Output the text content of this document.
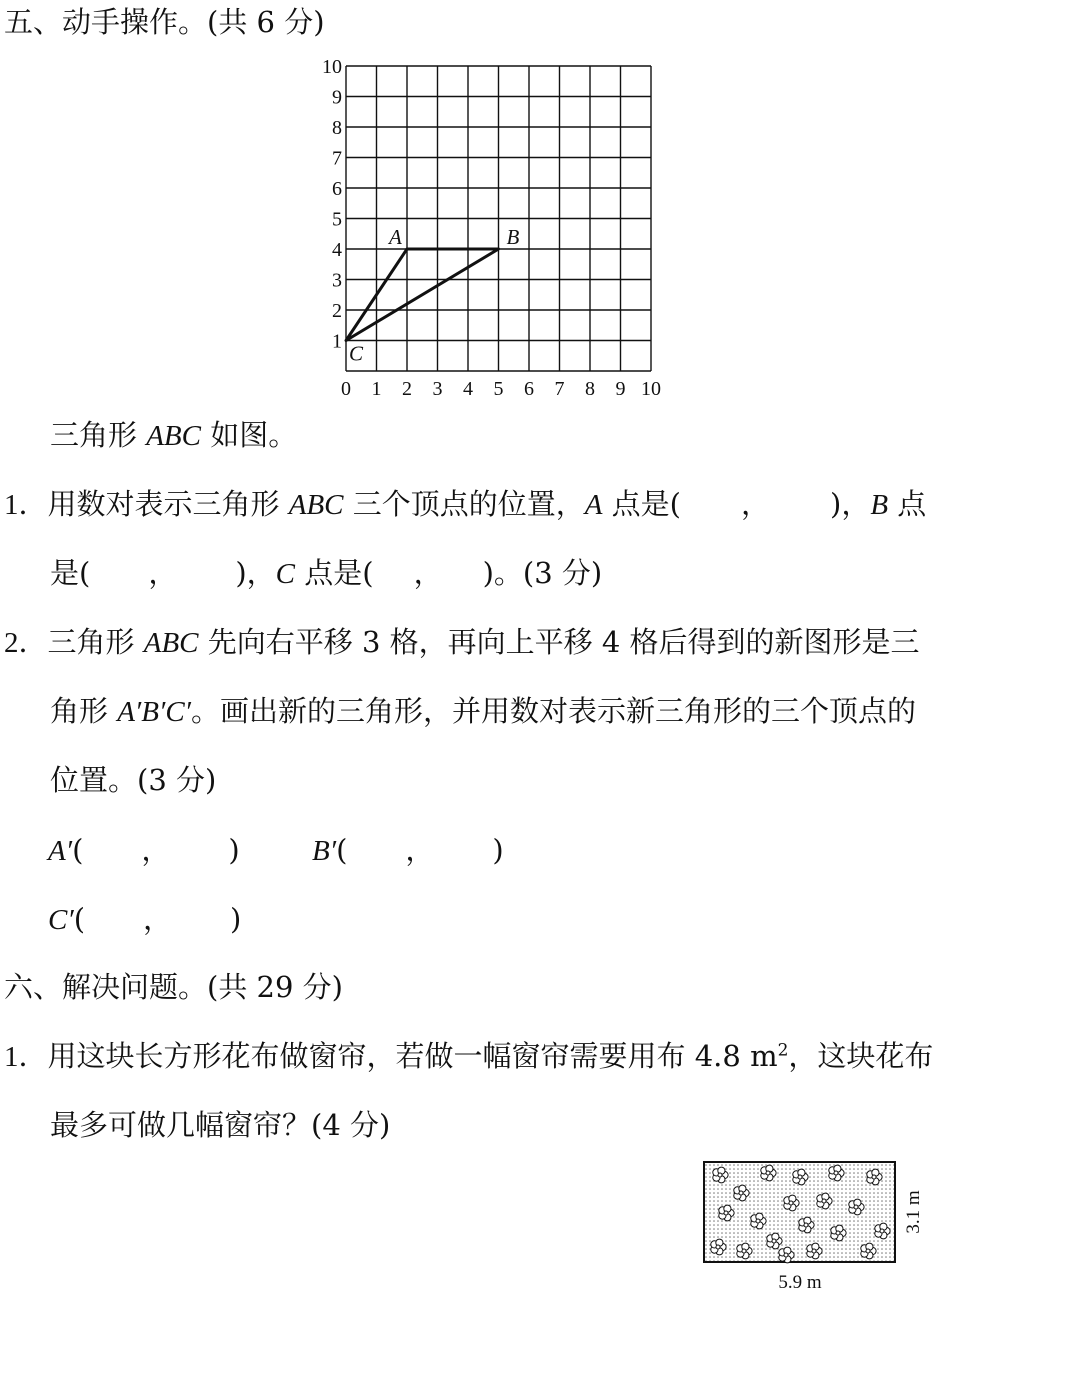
五、动手操作。(共 6 分)
0 1 2 3 4 5 6 7 8 9 10
1
2
3
4
5
6
7
8
9
10
A	B
C
三角形 ABC 如图。
1．用数对表示三角形 ABC 三个顶点的位置，A 点是( ， )，B 点
是( ， )，C 点是( ， )。(3 分)
2．三角形 ABC 先向右平移 3 格，再向上平移 4 格后得到的新图形是三
角形 A′B′C′。画出新的三角形，并用数对表示新三角形的三个顶点的
位置。(3 分)
A′( ， ) B′( ， )
C′( ， )
六、解决问题。(共 29 分)
1．用这块长方形花布做窗帘，若做一幅窗帘需要用布 4.8 $m^2$，这块花布
最多可做几幅窗帘？(4 分)
5.9 m
3.1 m
